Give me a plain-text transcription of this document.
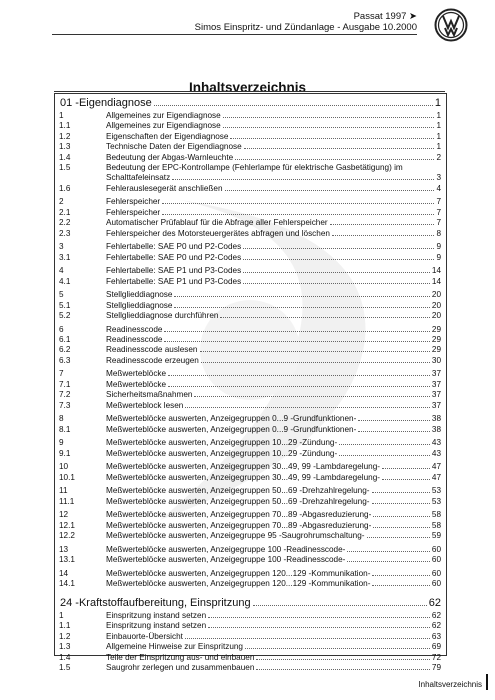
Passat 1997 ➤
Simos Einspritz- und Zündanlage - Ausgabe 10.2000
Inhaltsverzeichnis
01 - Eigendiagnose	1
1	Allgemeines zur Eigendiagnose	1
1.1	Allgemeines zur Eigendiagnose	1
1.2	Eigenschaften der Eigendiagnose	1
1.3	Technische Daten der Eigendiagnose	1
1.4	Bedeutung der Abgas-Warnleuchte	2
1.5	Bedeutung der EPC-Kontrollampe (Fehlerlampe für elektrische Gasbetätigung) im
Schalttafeleinsatz	3
1.6	Fehlerauslesegerät anschließen	4
2	Fehlerspeicher	7
2.1	Fehlerspeicher	7
2.2	Automatischer Prüfablauf für die Abfrage aller Fehlerspeicher	7
2.3	Fehlerspeicher des Motorsteuergerätes abfragen und löschen	8
3	Fehlertabelle: SAE P0 und P2-Codes	9
3.1	Fehlertabelle: SAE P0 und P2-Codes	9
4	Fehlertabelle: SAE P1 und P3-Codes	14
4.1	Fehlertabelle: SAE P1 und P3-Codes	14
5	Stellglieddiagnose	20
5.1	Stellglieddiagnose	20
5.2	Stellglieddiagnose durchführen	20
6	Readinesscode	29
6.1	Readinesscode	29
6.2	Readinesscode auslesen	29
6.3	Readinesscode erzeugen	30
7	Meßwerteblöcke	37
7.1	Meßwerteblöcke	37
7.2	Sicherheitsmaßnahmen	37
7.3	Meßwerteblock lesen	37
8	Meßwerteblöcke auswerten, Anzeigegruppen 0...9 -Grundfunktionen-	38
8.1	Meßwerteblöcke auswerten, Anzeigegruppen 0...9 -Grundfunktionen-	38
9	Meßwerteblöcke auswerten, Anzeigegruppen 10...29 -Zündung-	43
9.1	Meßwerteblöcke auswerten, Anzeigegruppen 10...29 -Zündung-	43
10	Meßwerteblöcke auswerten, Anzeigegruppen 30...49, 99 -Lambdaregelung-	47
10.1	Meßwerteblöcke auswerten, Anzeigegruppen 30...49, 99 -Lambdaregelung-	47
11	Meßwerteblöcke auswerten, Anzeigegruppen 50...69 -Drehzahlregelung-	53
11.1	Meßwerteblöcke auswerten, Anzeigegruppen 50...69 -Drehzahlregelung-	53
12	Meßwerteblöcke auswerten, Anzeigegruppen 70...89 -Abgasreduzierung-	58
12.1	Meßwerteblöcke auswerten, Anzeigegruppen 70...89 -Abgasreduzierung-	58
12.2	Meßwerteblöcke auswerten, Anzeigegruppe 95 -Saugrohrumschaltung-	59
13	Meßwerteblöcke auswerten, Anzeigegruppe 100 -Readinesscode-	60
13.1	Meßwerteblöcke auswerten, Anzeigegruppe 100 -Readinesscode-	60
14	Meßwerteblöcke auswerten, Anzeigegruppen 120...129 -Kommunikation-	60
14.1	Meßwerteblöcke auswerten, Anzeigegruppen 120...129 -Kommunikation-	60
24 - Kraftstoffaufbereitung, Einspritzung	62
1	Einspritzung instand setzen	62
1.1	Einspritzung instand setzen	62
1.2	Einbauorte-Übersicht	63
1.3	Allgemeine Hinweise zur Einspritzung	69
1.4	Teile der Einspritzung aus- und einbauen	72
1.5	Saugrohr zerlegen und zusammenbauen	79
Inhaltsverzeichnis
